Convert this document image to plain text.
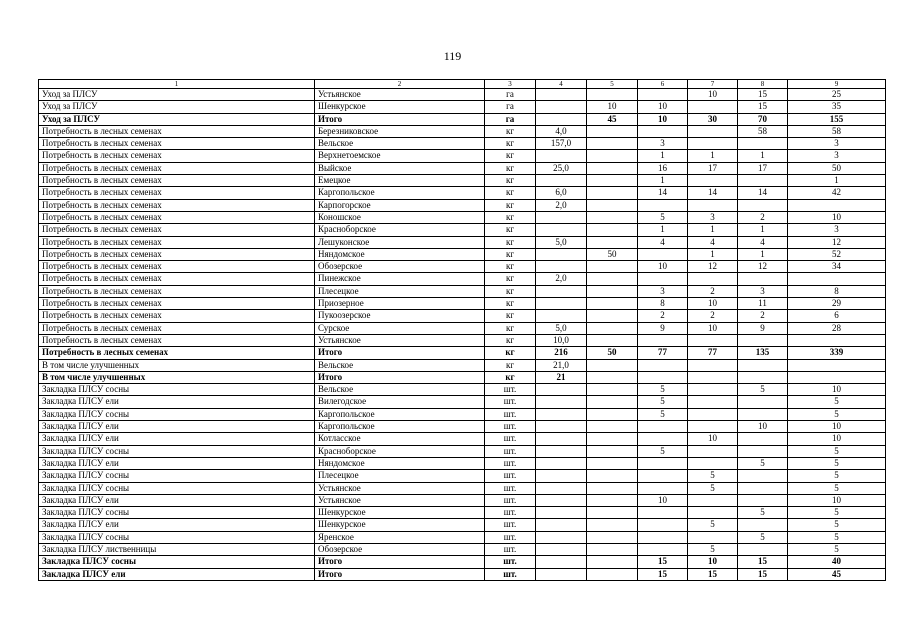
119
1	2	3	4	5	6	7	8	9
Уход за ПЛСУ	Устьянское	га				10	15	25
Уход за ПЛСУ	Шенкурское	га		10	10		15	35
Уход за ПЛСУ	Итого	га		45	10	30	70	155
Потребность в лесных семенах	Березниковское	кг	4,0				58	58
Потребность в лесных семенах	Вельское	кг	157,0		3			3
Потребность в лесных семенах	Верхнетоемское	кг			1	1	1	3
Потребность в лесных семенах	Выйское	кг	25,0		16	17	17	50
Потребность в лесных семенах	Емецкое	кг			1			1
Потребность в лесных семенах	Каргопольское	кг	6,0		14	14	14	42
Потребность в лесных семенах	Карпогорское	кг	2,0					
Потребность в лесных семенах	Коношское	кг			5	3	2	10
Потребность в лесных семенах	Красноборское	кг			1	1	1	3
Потребность в лесных семенах	Лешуконское	кг	5,0		4	4	4	12
Потребность в лесных семенах	Няндомское	кг		50		1	1	52
Потребность в лесных семенах	Обозерское	кг			10	12	12	34
Потребность в лесных семенах	Пинежское	кг	2,0					
Потребность в лесных семенах	Плесецкое	кг			3	2	3	8
Потребность в лесных семенах	Приозерное	кг			8	10	11	29
Потребность в лесных семенах	Пукоозерское	кг			2	2	2	6
Потребность в лесных семенах	Сурское	кг	5,0		9	10	9	28
Потребность в лесных семенах	Устьянское	кг	10,0					
Потребность в лесных семенах	Итого	кг	216	50	77	77	135	339
В том числе улучшенных	Вельское	кг	21,0					
В том числе улучшенных	Итого	кг	21					
Закладка ПЛСУ сосны	Вельское	шт.			5		5	10
Закладка ПЛСУ ели	Вилегодское	шт.			5			5
Закладка ПЛСУ сосны	Каргопольское	шт.			5			5
Закладка ПЛСУ ели	Каргопольское	шт.					10	10
Закладка ПЛСУ ели	Котласское	шт.				10		10
Закладка ПЛСУ сосны	Красноборское	шт.			5			5
Закладка ПЛСУ ели	Няндомское	шт.					5	5
Закладка ПЛСУ сосны	Плесецкое	шт.				5		5
Закладка ПЛСУ сосны	Устьянское	шт.				5		5
Закладка ПЛСУ ели	Устьянское	шт.			10			10
Закладка ПЛСУ сосны	Шенкурское	шт.					5	5
Закладка ПЛСУ ели	Шенкурское	шт.				5		5
Закладка ПЛСУ сосны	Яренское	шт.					5	5
Закладка ПЛСУ лиственницы	Обозерское	шт.				5		5
Закладка ПЛСУ сосны	Итого	шт.			15	10	15	40
Закладка ПЛСУ ели	Итого	шт.			15	15	15	45
